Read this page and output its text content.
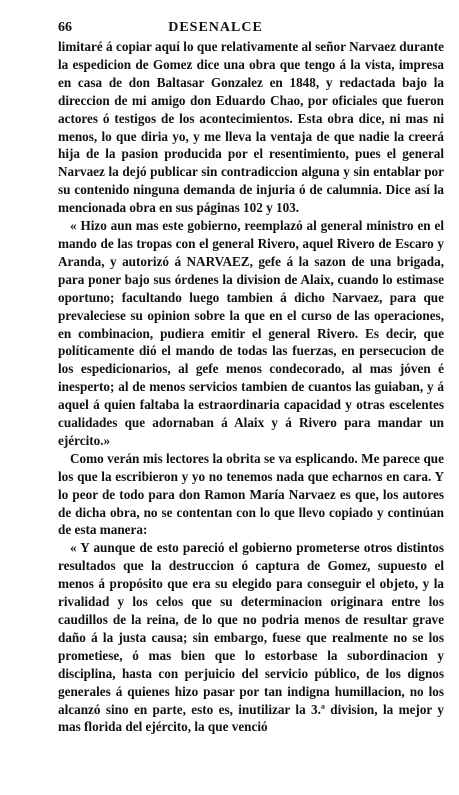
66	DESENALCE

limitaré á copiar aquí lo que relativamente al señor Narvaez durante la espedicion de Gomez dice una obra que tengo á la vista, impresa en casa de don Baltasar Gonzalez en 1848, y redactada bajo la direccion de mi amigo don Eduardo Chao, por oficiales que fueron actores ó testigos de los acontecimientos. Esta obra dice, ni mas ni menos, lo que diria yo, y me lleva la ventaja de que nadie la creerá hija de la pasion producida por el resentimiento, pues el general Narvaez la dejó publicar sin contradiccion alguna y sin entablar por su contenido ninguna demanda de injuria ó de calumnia. Dice así la mencionada obra en sus páginas 102 y 103.

« Hizo aun mas este gobierno, reemplazó al general ministro en el mando de las tropas con el general Rivero, aquel Rivero de Escaro y Aranda, y autorizó á NARVAEZ, gefe á la sazon de una brigada, para poner bajo sus órdenes la division de Alaix, cuando lo estimase oportuno; facultando luego tambien á dicho Narvaez, para que prevaleciese su opinion sobre la que en el curso de las operaciones, en combinacion, pudiera emitir el general Rivero. Es decir, que políticamente dió el mando de todas las fuerzas, en persecucion de los espedicionarios, al gefe menos condecorado, al mas jóven é inesperto; al de menos servicios tambien de cuantos las guiaban, y á aquel á quien faltaba la estraordinaria capacidad y otras escelentes cualidades que adornaban á Alaix y á Rivero para mandar un ejército.»

Como verán mis lectores la obrita se va esplicando. Me parece que los que la escribieron y yo no tenemos nada que echarnos en cara. Y lo peor de todo para don Ramon María Narvaez es que, los autores de dicha obra, no se contentan con lo que llevo copiado y continúan de esta manera:

« Y aunque de esto pareció el gobierno prometerse otros distintos resultados que la destruccion ó captura de Gomez, supuesto el menos á propósito que era su elegido para conseguir el objeto, y la rivalidad y los celos que su determinacion originara entre los caudillos de la reina, de lo que no podria menos de resultar grave daño á la justa causa; sin embargo, fuese que realmente no se los prometiese, ó mas bien que lo estorbase la subordinacion y disciplina, hasta con perjuicio del servicio público, de los dignos generales á quienes hizo pasar por tan indigna humillacion, no los alcanzó sino en parte, esto es, inutilizar la 3.ª division, la mejor y mas florida del ejército, la que venció
